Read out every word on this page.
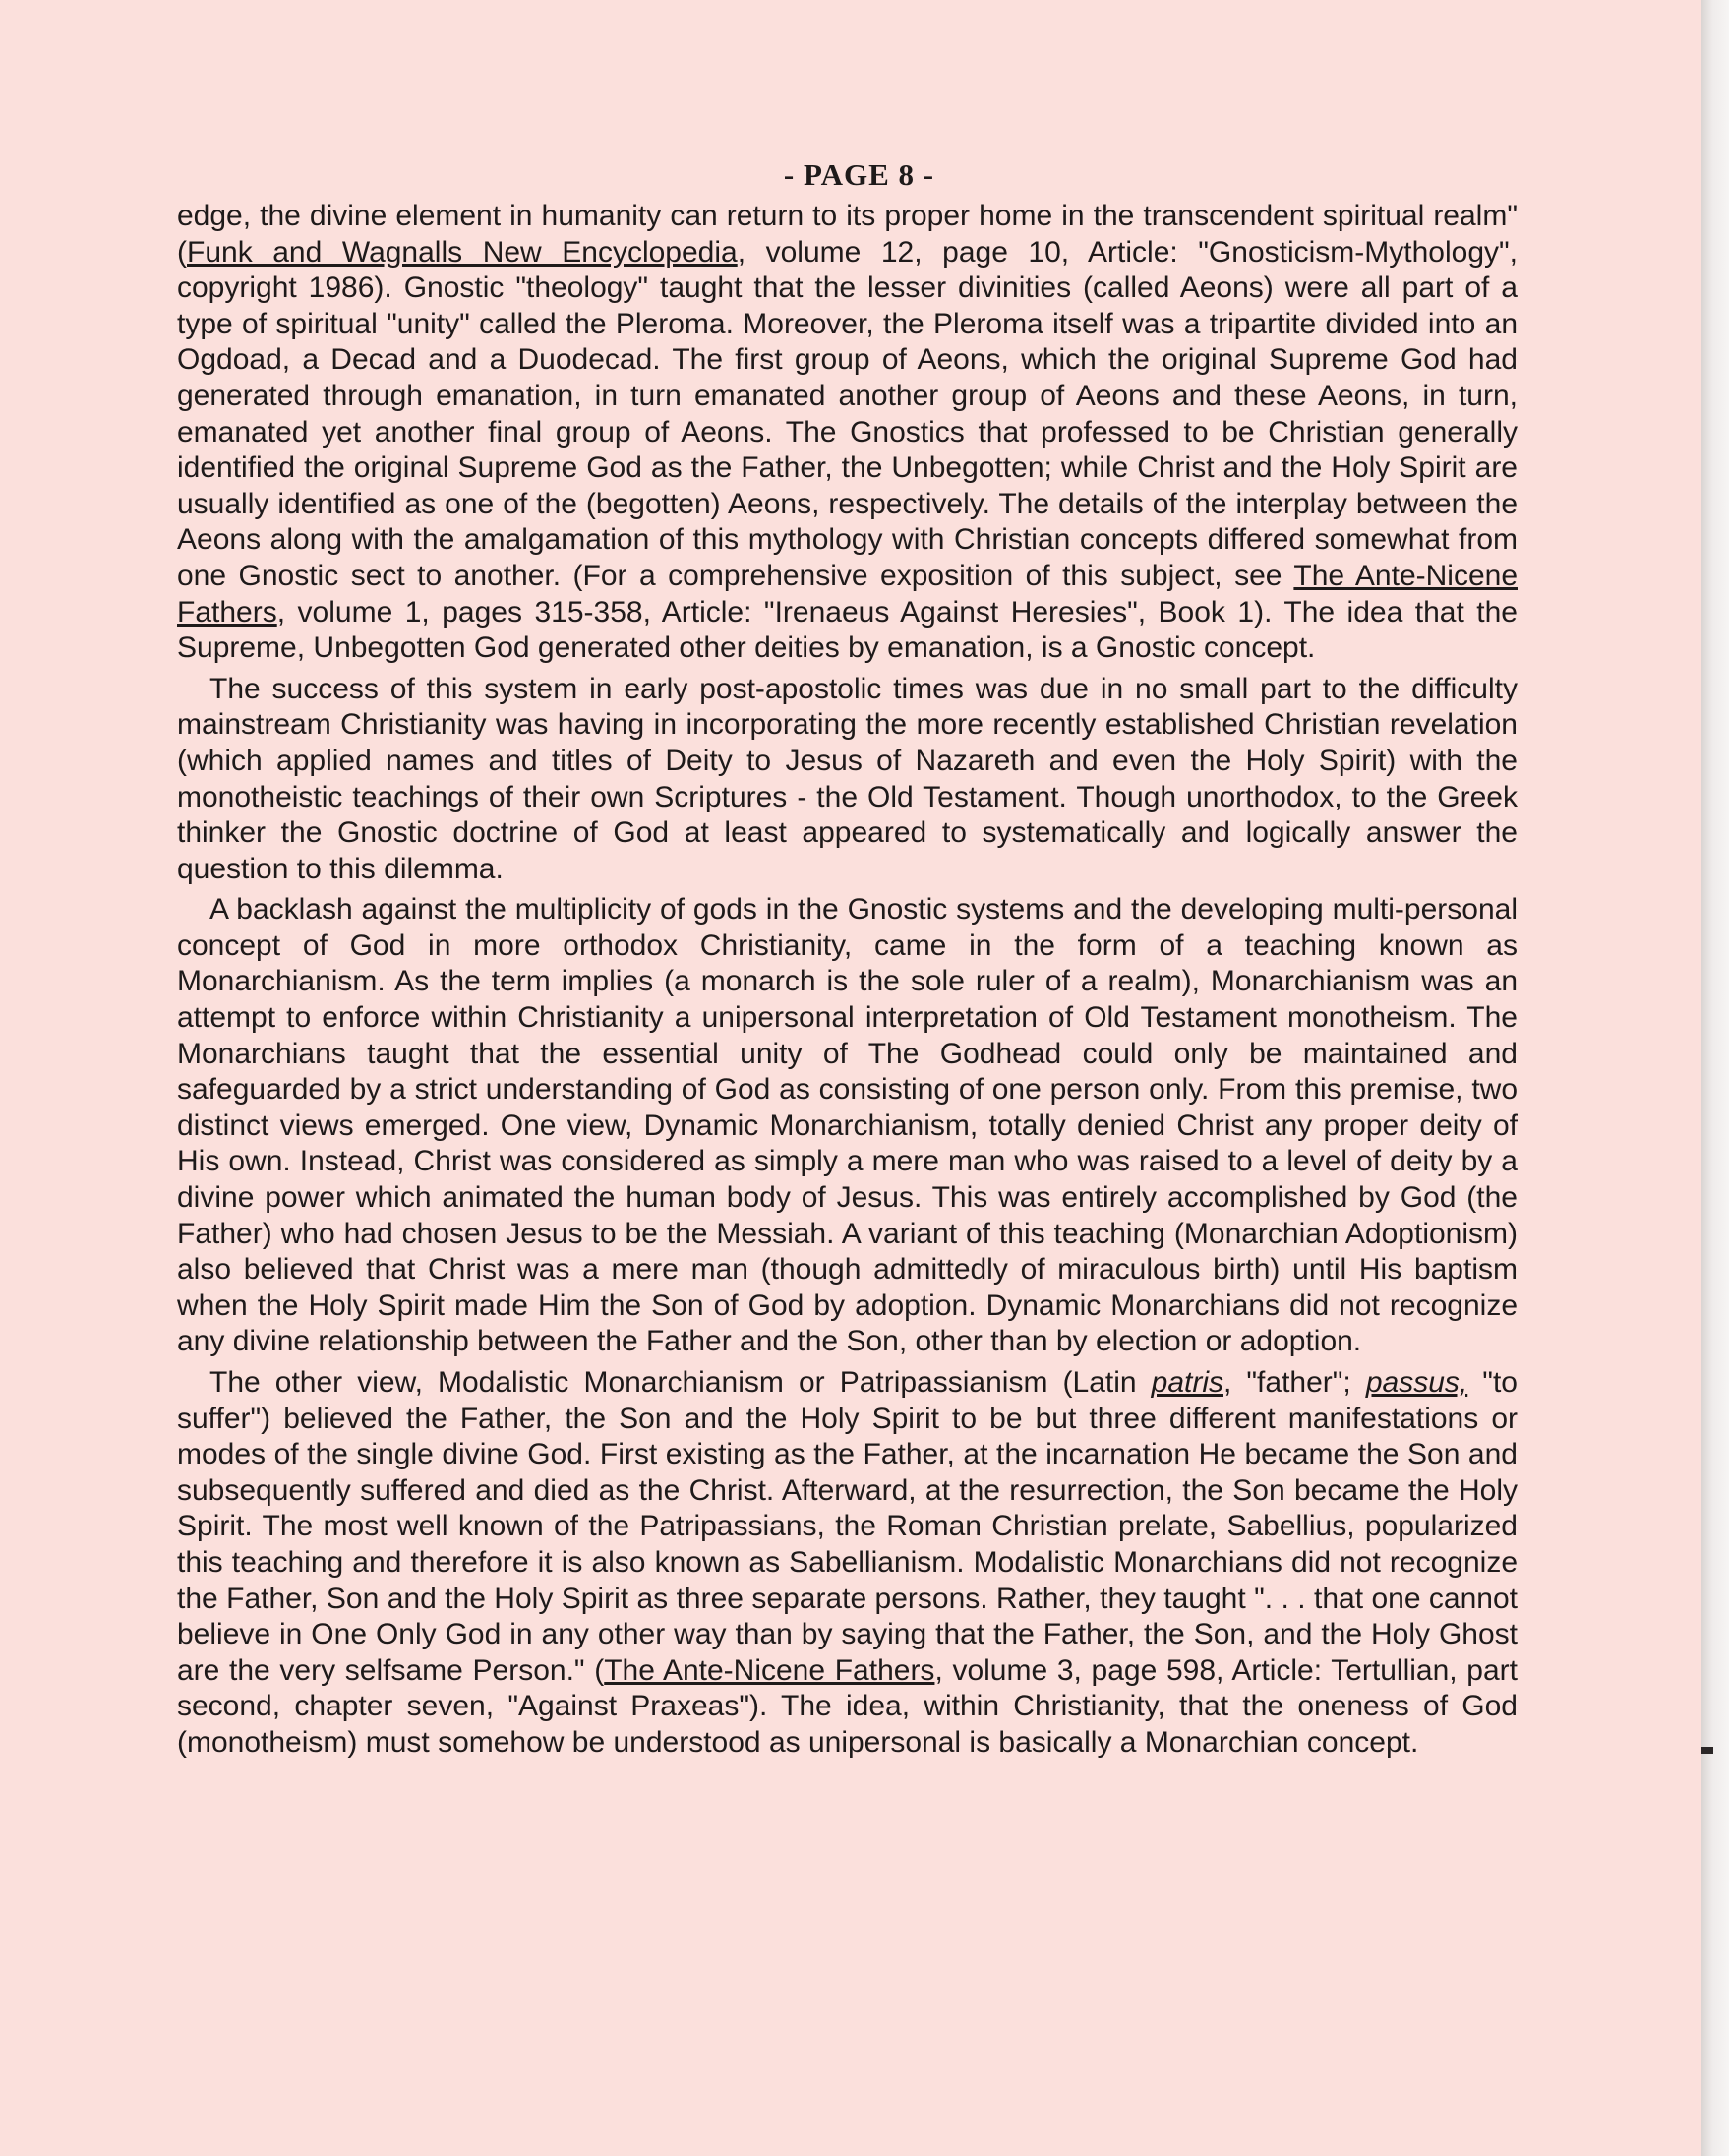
- PAGE 8 -

edge, the divine element in humanity can return to its proper home in the transcendent spiritual realm" (Funk and Wagnalls New Encyclopedia, volume 12, page 10, Article: "Gnosticism-Mythology", copyright 1986). Gnostic "theology" taught that the lesser divinities (called Aeons) were all part of a type of spiritual "unity" called the Pleroma. Moreover, the Pleroma itself was a tripartite divided into an Ogdoad, a Decad and a Duodecad. The first group of Aeons, which the original Supreme God had generated through emanation, in turn emanated another group of Aeons and these Aeons, in turn, emanated yet another final group of Aeons. The Gnostics that professed to be Christian generally identified the original Supreme God as the Father, the Unbegotten; while Christ and the Holy Spirit are usually identified as one of the (begotten) Aeons, respectively. The details of the interplay between the Aeons along with the amalgamation of this mythology with Christian concepts differed somewhat from one Gnostic sect to another. (For a comprehensive exposition of this subject, see The Ante-Nicene Fathers, volume 1, pages 315-358, Article: "Irenaeus Against Heresies", Book 1). The idea that the Supreme, Unbegotten God generated other deities by emanation, is a Gnostic concept.

The success of this system in early post-apostolic times was due in no small part to the difficulty mainstream Christianity was having in incorporating the more recently established Christian revelation (which applied names and titles of Deity to Jesus of Nazareth and even the Holy Spirit) with the monotheistic teachings of their own Scriptures - the Old Testament. Though unorthodox, to the Greek thinker the Gnostic doctrine of God at least appeared to systematically and logically answer the question to this dilemma.

A backlash against the multiplicity of gods in the Gnostic systems and the developing multi-personal concept of God in more orthodox Christianity, came in the form of a teaching known as Monarchianism. As the term implies (a monarch is the sole ruler of a realm), Monarchianism was an attempt to enforce within Christianity a unipersonal interpretation of Old Testament monotheism. The Monarchians taught that the essential unity of The Godhead could only be maintained and safeguarded by a strict understanding of God as consisting of one person only. From this premise, two distinct views emerged. One view, Dynamic Monarchianism, totally denied Christ any proper deity of His own. Instead, Christ was considered as simply a mere man who was raised to a level of deity by a divine power which animated the human body of Jesus. This was entirely accomplished by God (the Father) who had chosen Jesus to be the Messiah. A variant of this teaching (Monarchian Adoptionism) also believed that Christ was a mere man (though admittedly of miraculous birth) until His baptism when the Holy Spirit made Him the Son of God by adoption. Dynamic Monarchians did not recognize any divine relationship between the Father and the Son, other than by election or adoption.

The other view, Modalistic Monarchianism or Patripassianism (Latin patris, "father"; passus, "to suffer") believed the Father, the Son and the Holy Spirit to be but three different manifestations or modes of the single divine God. First existing as the Father, at the incarnation He became the Son and subsequently suffered and died as the Christ. Afterward, at the resurrection, the Son became the Holy Spirit. The most well known of the Patripassians, the Roman Christian prelate, Sabellius, popularized this teaching and therefore it is also known as Sabellianism. Modalistic Monarchians did not recognize the Father, Son and the Holy Spirit as three separate persons. Rather, they taught ". . . that one cannot believe in One Only God in any other way than by saying that the Father, the Son, and the Holy Ghost are the very selfsame Person." (The Ante-Nicene Fathers, volume 3, page 598, Article: Tertullian, part second, chapter seven, "Against Praxeas"). The idea, within Christianity, that the oneness of God (monotheism) must somehow be understood as unipersonal is basically a Monarchian concept.
